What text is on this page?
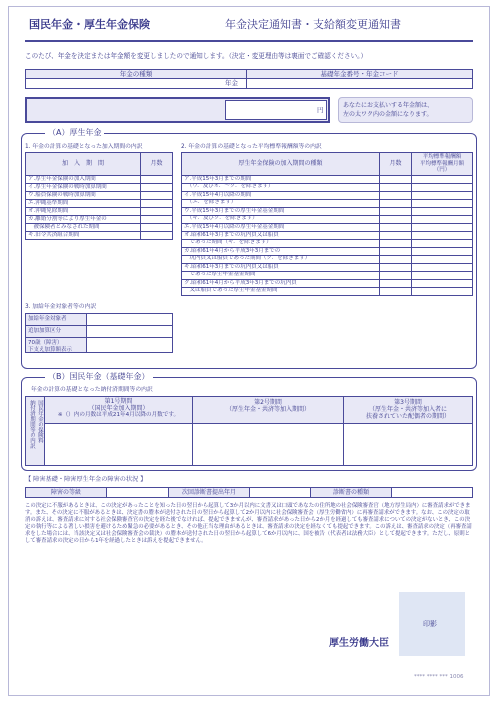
国民年金・厚生年金保険	年金決定通知書・支給額変更通知書
このたび、年金を決定または年金額を変更しましたので通知します。（決定・変更理由等は裏面でご確認ください。）
年金の種類	基礎年金番号・年金コード
年金
円
あなたにお支払いする年金額は、
左の太ワク内の金額になります。
（A）厚生年金
1. 年金の計算の基礎となった加入期間の内訳
加　入　期　間	月数
ア.厚生年金保険の加入期間
イ.厚生年金保険の戦時加算期間
ウ.船員保険の戦時加算期間
エ.沖縄基準期間
オ.沖縄免除期間
カ.離婚分割等により厚生年金の
　被保険者とみなされた期間
キ.旧令共済組合期間
2. 年金の計算の基礎となった平均標準報酬額等の内訳
厚生年金保険の加入期間の種類	月数
平均標準報酬額
平均標準報酬月額
（円）
ア.平成15年3月までの期間
　（ウ．及びオ．～ク．を除きます）
イ.平成15年4月以降の期間
　（エ．を除きます）
ウ.平成15年3月までの厚生年金基金期間
　（キ．及びク．を除きます）
エ.平成15年4月以降の厚生年金基金期間
オ.昭和61年3月までの坑内員又は船員
　であった期間（キ．を除きます）
カ.昭和61年4月から平成3年3月までの
　坑内員又は船員であった期間（ク．を除きます）
キ.昭和61年3月までの坑内員又は船員
　であった厚生年金基金期間
ク.昭和61年4月から平成3年3月までの坑内員
　又は船員であった厚生年金基金期間
3. 加給年金対象者等の内訳
加給年金対象者
追加加算区分
70歳（障害）
下支え加算額表示
（B）国民年金（基礎年金）
年金の計算の基礎となった納付済期間等の内訳
納付済期間等の内訳 国民年金の保険料	第1号期間
（国民年金加入期間）
※（）内の月数は平成21年4月以降の月数です。
第2号期間
（厚生年金・共済等加入期間）
第3号期間
（厚生年金・共済等加入者に
扶養されていた配偶者の期間）
【 障害基礎・障害厚生年金の障害の状況 】
障害の等級	次回診断書提出年月	診断書の種類
この決定に不服があるときは、この決定があったことを知った日の翌日から起算して3か月以内に文書又は口頭であなたの住所地の社会保険審査官（地方厚生局内）に審査請求ができます。また、その決定に不服があるときは、決定書の謄本が送付された日の翌日から起算して2か月以内に社会保険審査会（厚生労働省内）に再審査請求ができます。なお、この決定の取消の訴えは、審査請求に対する社会保険審査官の決定を経た後でなければ、提起できませんが、審査請求があった日から2か月を経過しても審査請求についての決定がないとき、この決定の執行等による著しい損害を避けるため緊急の必要があるとき、その他正当な理由があるときは、審査請求の決定を経なくても提起できます。この訴えは、審査請求の決定（再審査請求をした場合には、当該決定又は社会保険審査会の裁決）の謄本が送付された日の翌日から起算して6か月以内に、国を被告（代表者は法務大臣）として提起できます。ただし、原則として審査請求の決定の日から1年を経過したときは訴えを提起できません。
印影
厚生労働大臣
**** **** *** 1006
